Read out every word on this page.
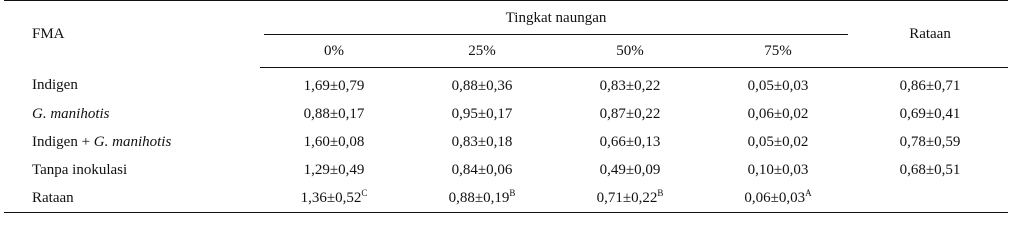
FMA	Tingkat naungan				Rataan
	0%	25%	50%	75%	
Indigen	1,69±0,79	0,88±0,36	0,83±0,22	0,05±0,03	0,86±0,71
G. manihotis	0,88±0,17	0,95±0,17	0,87±0,22	0,06±0,02	0,69±0,41
Indigen + G. manihotis	1,60±0,08	0,83±0,18	0,66±0,13	0,05±0,02	0,78±0,59
Tanpa inokulasi	1,29±0,49	0,84±0,06	0,49±0,09	0,10±0,03	0,68±0,51
Rataan	$1,36\pm 0,52^C$	$0,88\pm 0,19^B$	$0,71\pm 0,22^B$	$0,06\pm 0,03^A$	
